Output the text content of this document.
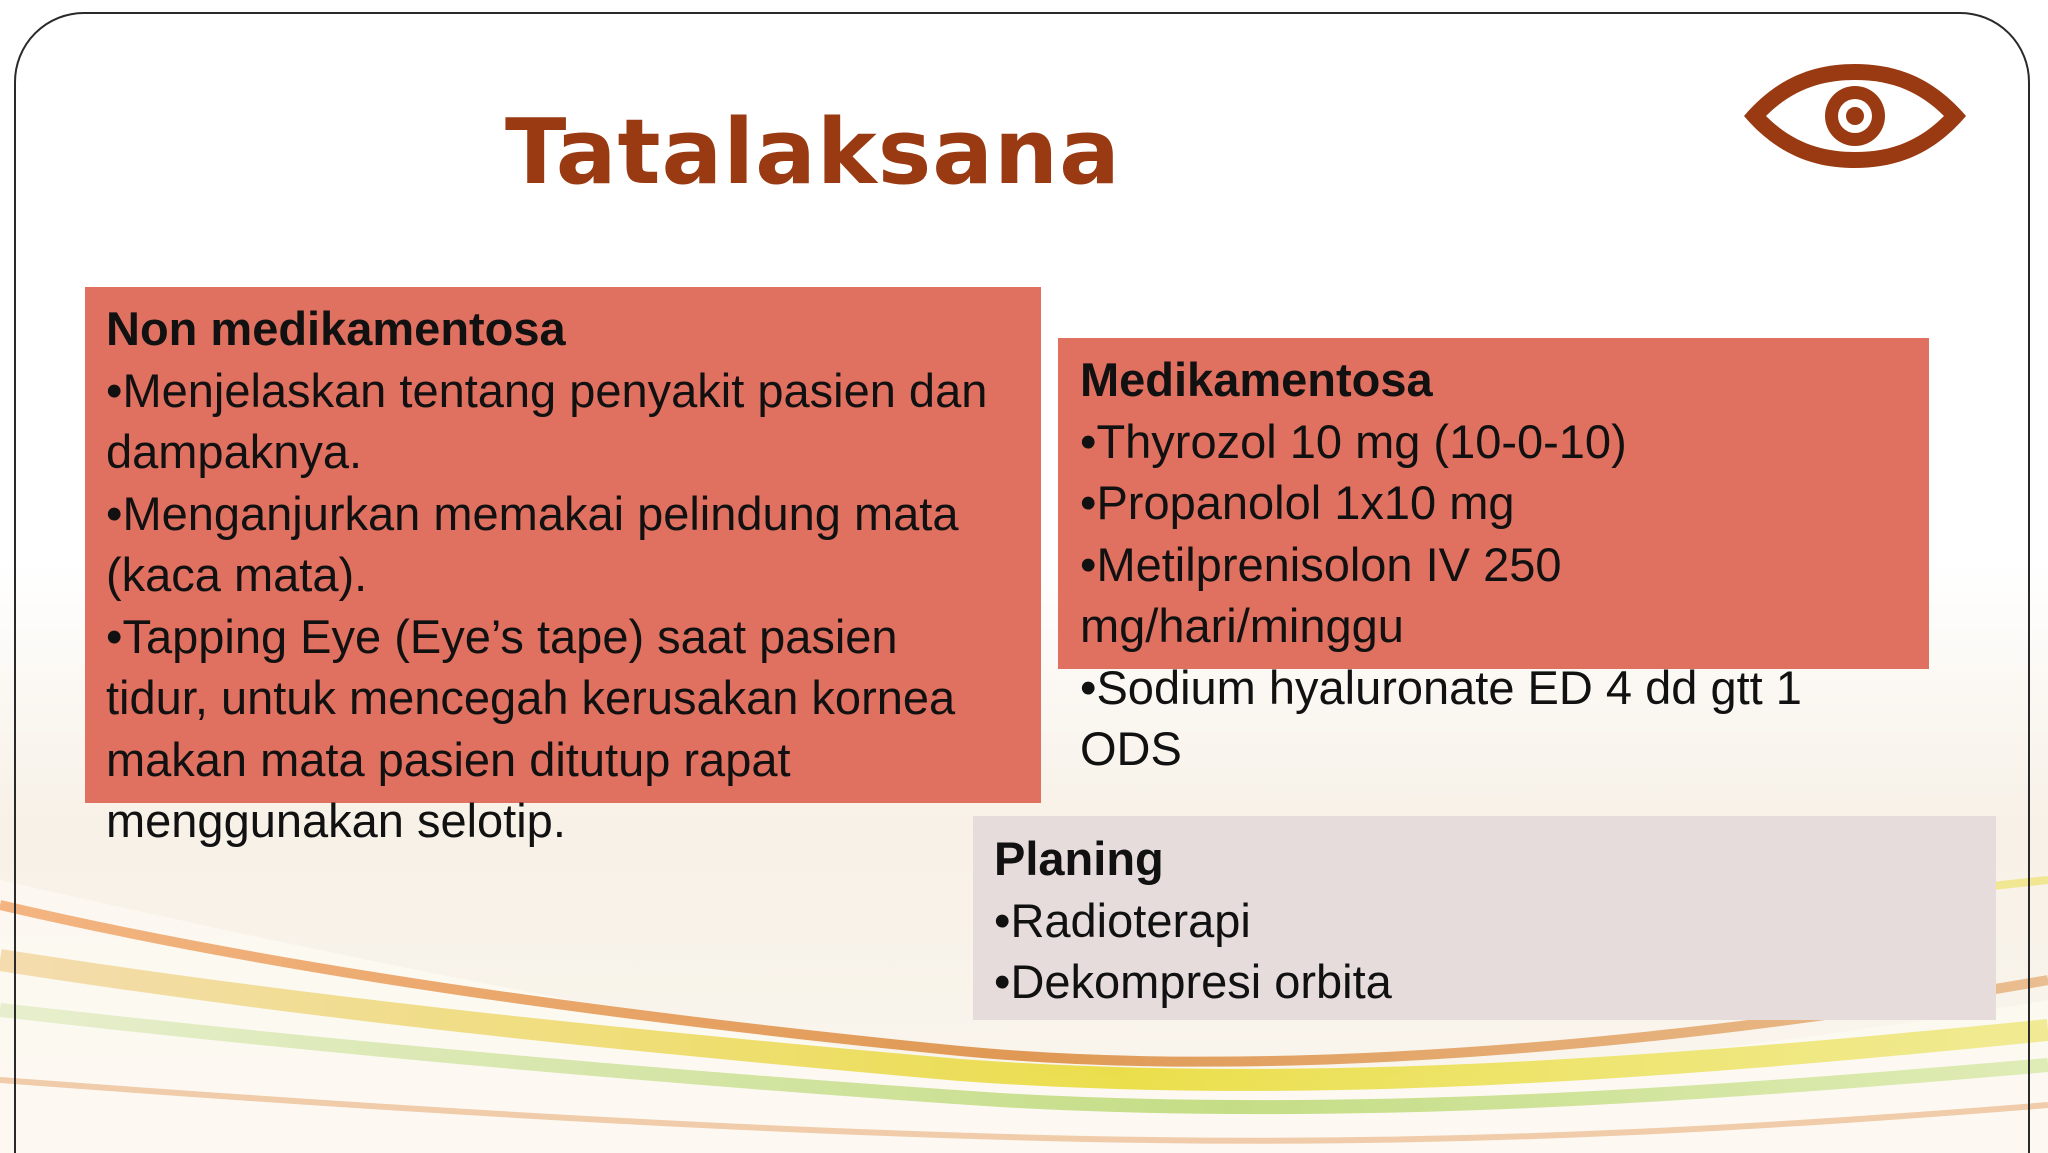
Tatalaksana
Non medikamentosa
•Menjelaskan tentang penyakit pasien dan dampaknya.
•Menganjurkan memakai pelindung mata (kaca mata).
•Tapping Eye (Eye’s tape) saat pasien tidur, untuk mencegah kerusakan kornea makan mata pasien ditutup rapat menggunakan selotip.
Medikamentosa
•Thyrozol 10 mg (10-0-10)
•Propanolol 1x10 mg
•Metilprenisolon IV 250 mg/hari/minggu
•Sodium hyaluronate ED 4 dd gtt 1 ODS
Planing
•Radioterapi
•Dekompresi orbita
